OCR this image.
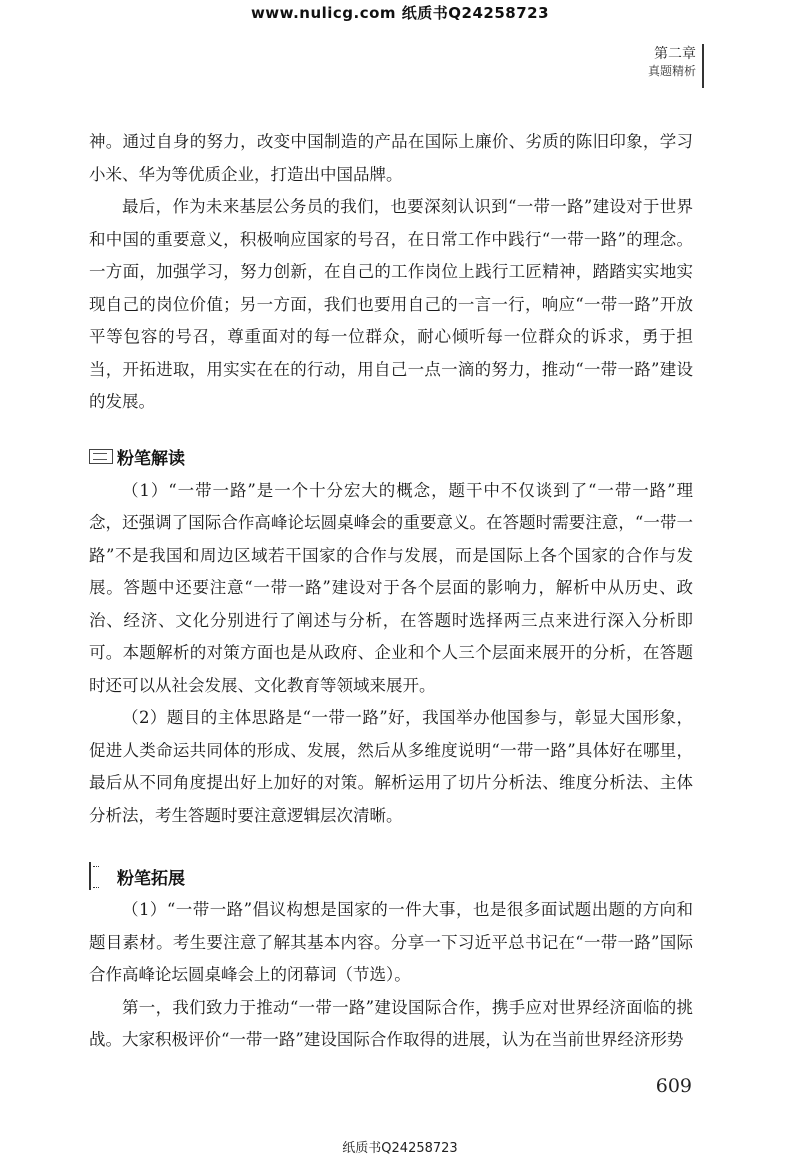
www.nulicg.com 纸质书Q24258723
第二章
真题精析

神。通过自身的努力，改变中国制造的产品在国际上廉价、劣质的陈旧印象，学习小米、华为等优质企业，打造出中国品牌。

最后，作为未来基层公务员的我们，也要深刻认识到“一带一路”建设对于世界和中国的重要意义，积极响应国家的号召，在日常工作中践行“一带一路”的理念。一方面，加强学习，努力创新，在自己的工作岗位上践行工匠精神，踏踏实实地实现自己的岗位价值；另一方面，我们也要用自己的一言一行，响应“一带一路”开放平等包容的号召，尊重面对的每一位群众，耐心倾听每一位群众的诉求，勇于担当，开拓进取，用实实在在的行动，用自己一点一滴的努力，推动“一带一路”建设的发展。

粉笔解读

（1）“一带一路”是一个十分宏大的概念，题干中不仅谈到了“一带一路”理念，还强调了国际合作高峰论坛圆桌峰会的重要意义。在答题时需要注意，“一带一路”不是我国和周边区域若干国家的合作与发展，而是国际上各个国家的合作与发展。答题中还要注意“一带一路”建设对于各个层面的影响力，解析中从历史、政治、经济、文化分别进行了阐述与分析，在答题时选择两三点来进行深入分析即可。本题解析的对策方面也是从政府、企业和个人三个层面来展开的分析，在答题时还可以从社会发展、文化教育等领域来展开。

（2）题目的主体思路是“一带一路”好，我国举办他国参与，彰显大国形象，促进人类命运共同体的形成、发展，然后从多维度说明“一带一路”具体好在哪里，最后从不同角度提出好上加好的对策。解析运用了切片分析法、维度分析法、主体分析法，考生答题时要注意逻辑层次清晰。

粉笔拓展

（1）“一带一路”倡议构想是国家的一件大事，也是很多面试题出题的方向和题目素材。考生要注意了解其基本内容。分享一下习近平总书记在“一带一路”国际合作高峰论坛圆桌峰会上的闭幕词（节选）。

第一，我们致力于推动“一带一路”建设国际合作，携手应对世界经济面临的挑战。大家积极评价“一带一路”建设国际合作取得的进展，认为在当前世界经济形势

609
纸质书Q24258723
